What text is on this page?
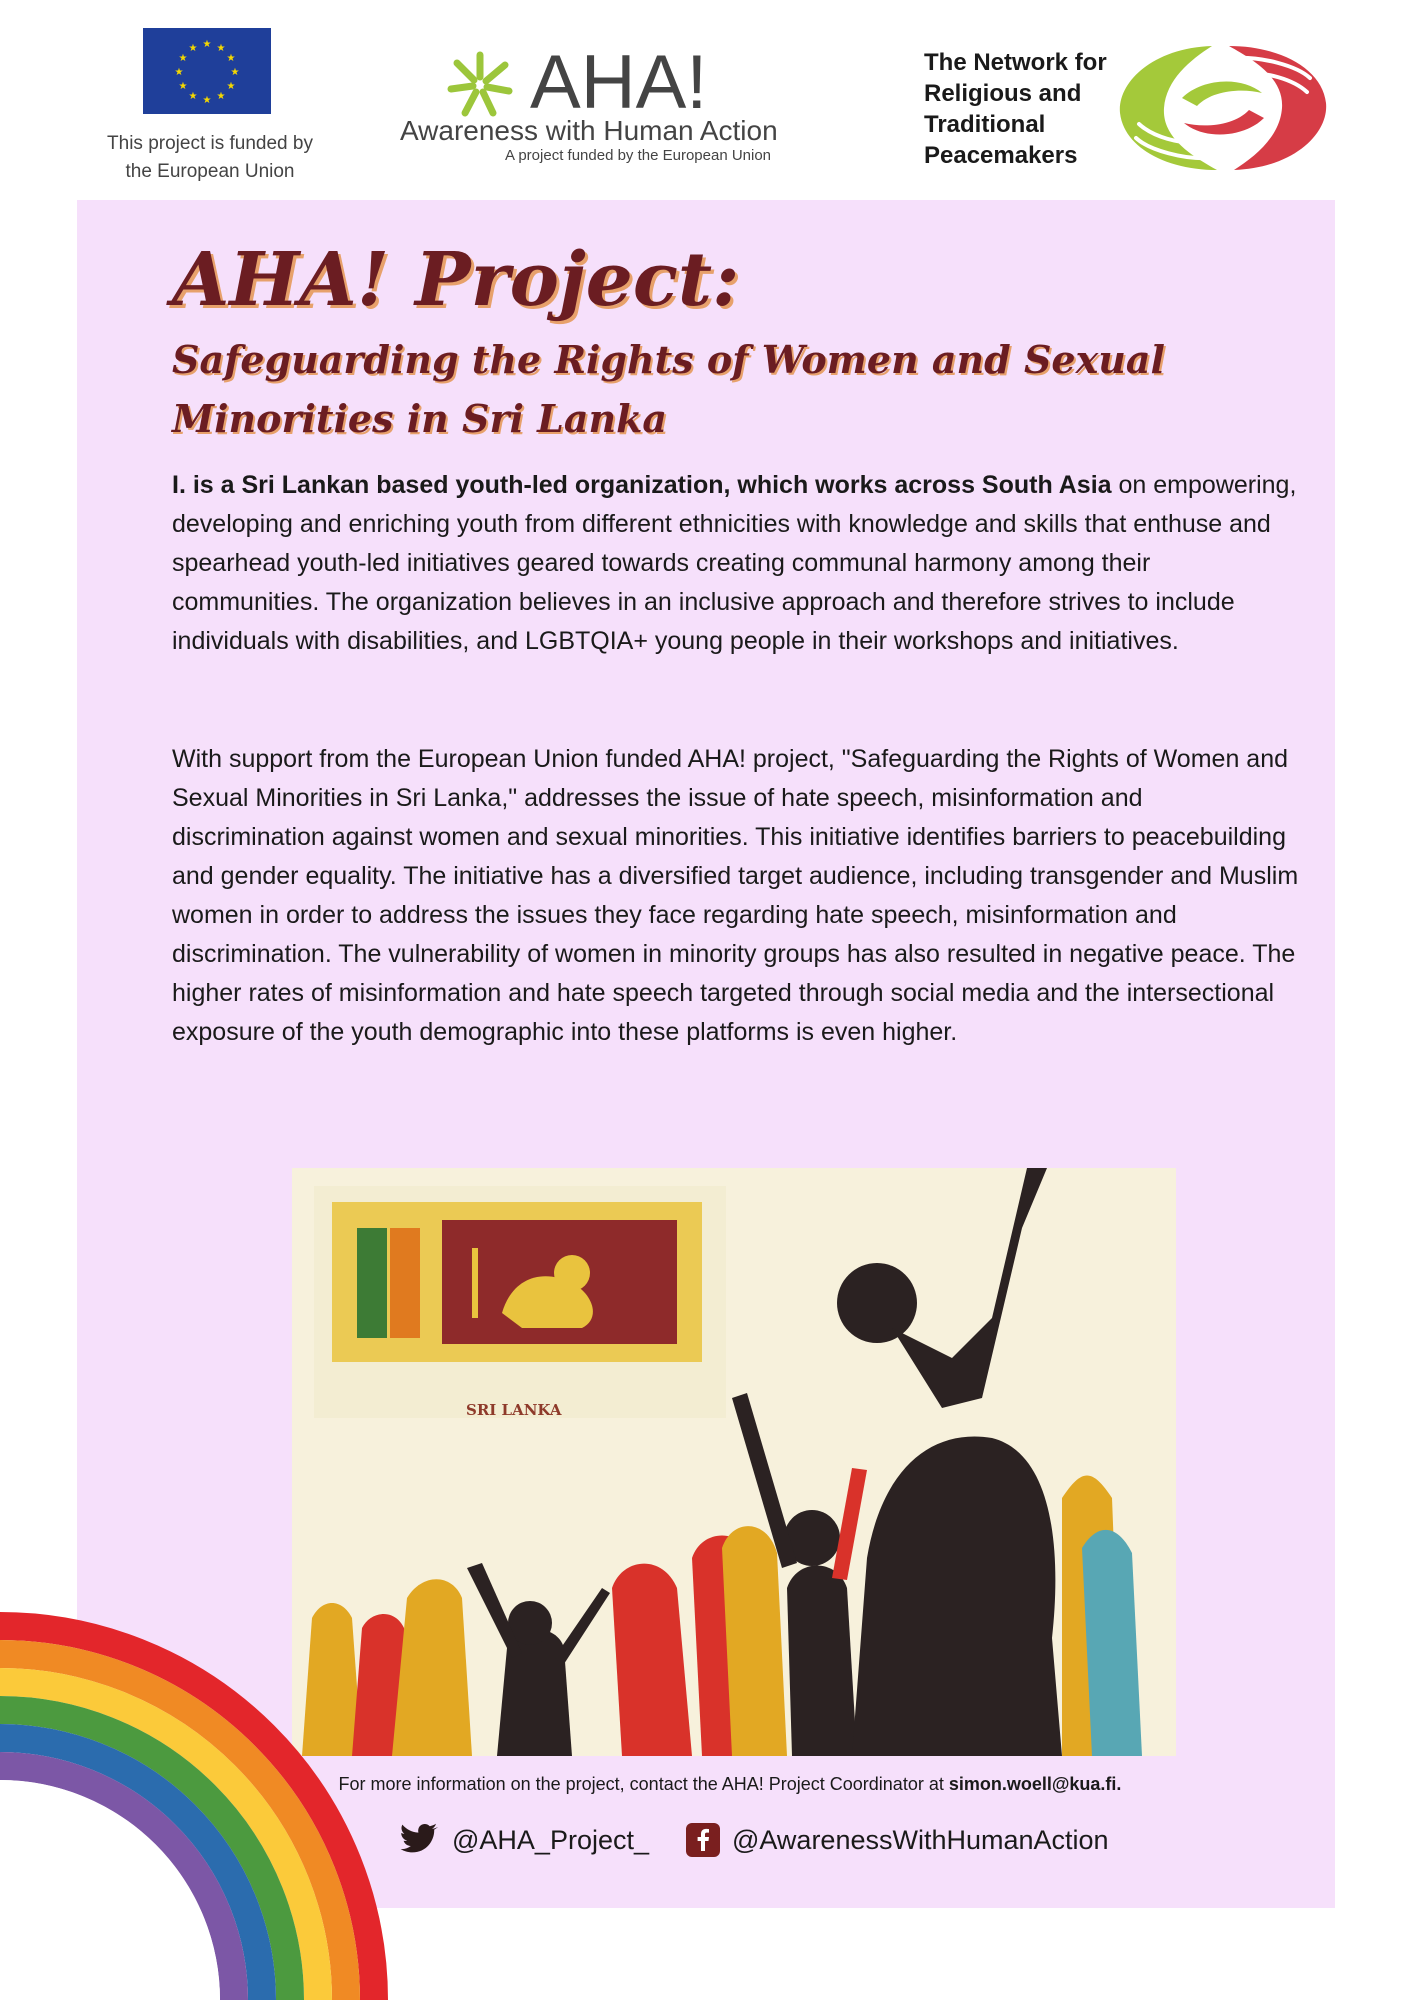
★ ★
★
★
★
★
★
★
★
★
★
★
This project is funded by the European Union
AHA!
Awareness with Human Action
A project funded by the European Union
The Network for Religious and Traditional Peacemakers
AHA! Project:
Safeguarding the Rights of Women and Sexual Minorities in Sri Lanka
I. is a Sri Lankan based youth-led organization, which works across South Asia on empowering, developing and enriching youth from different ethnicities with knowledge and skills that enthuse and spearhead youth-led initiatives geared towards creating communal harmony among their communities. The organization believes in an inclusive approach and therefore strives to include individuals with disabilities, and LGBTQIA+ young people in their workshops and initiatives.
With support from the European Union funded AHA! project, "Safeguarding the Rights of Women and Sexual Minorities in Sri Lanka," addresses the issue of hate speech, misinformation and discrimination against women and sexual minorities. This initiative identifies barriers to peacebuilding and gender equality. The initiative has a diversified target audience, including transgender and Muslim women in order to address the issues they face regarding hate speech, misinformation and discrimination. The vulnerability of women in minority groups has also resulted in negative peace. The higher rates of misinformation and hate speech targeted through social media and the intersectional exposure of the youth demographic into these platforms is even higher.
SRI LANKA
For more information on the project, contact the AHA! Project Coordinator at simon.woell@kua.fi.
@AHA_Project_	@AwarenessWithHumanAction
